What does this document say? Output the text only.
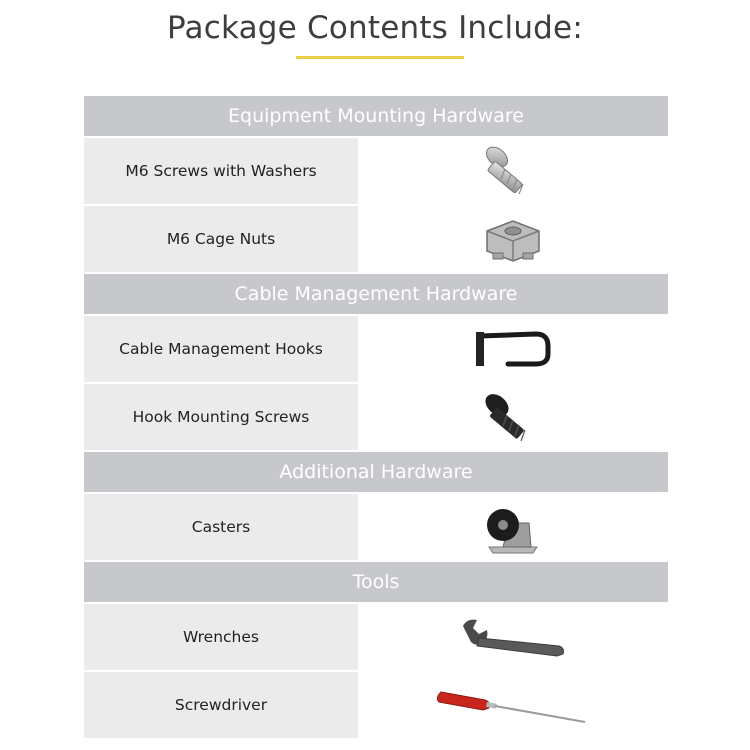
Package Contents Include:
Equipment Mounting Hardware
M6 Screws with Washers
M6 Cage Nuts
Cable Management Hardware
Cable Management Hooks
Hook Mounting Screws
Additional Hardware
Casters
Tools
Wrenches
Screwdriver
